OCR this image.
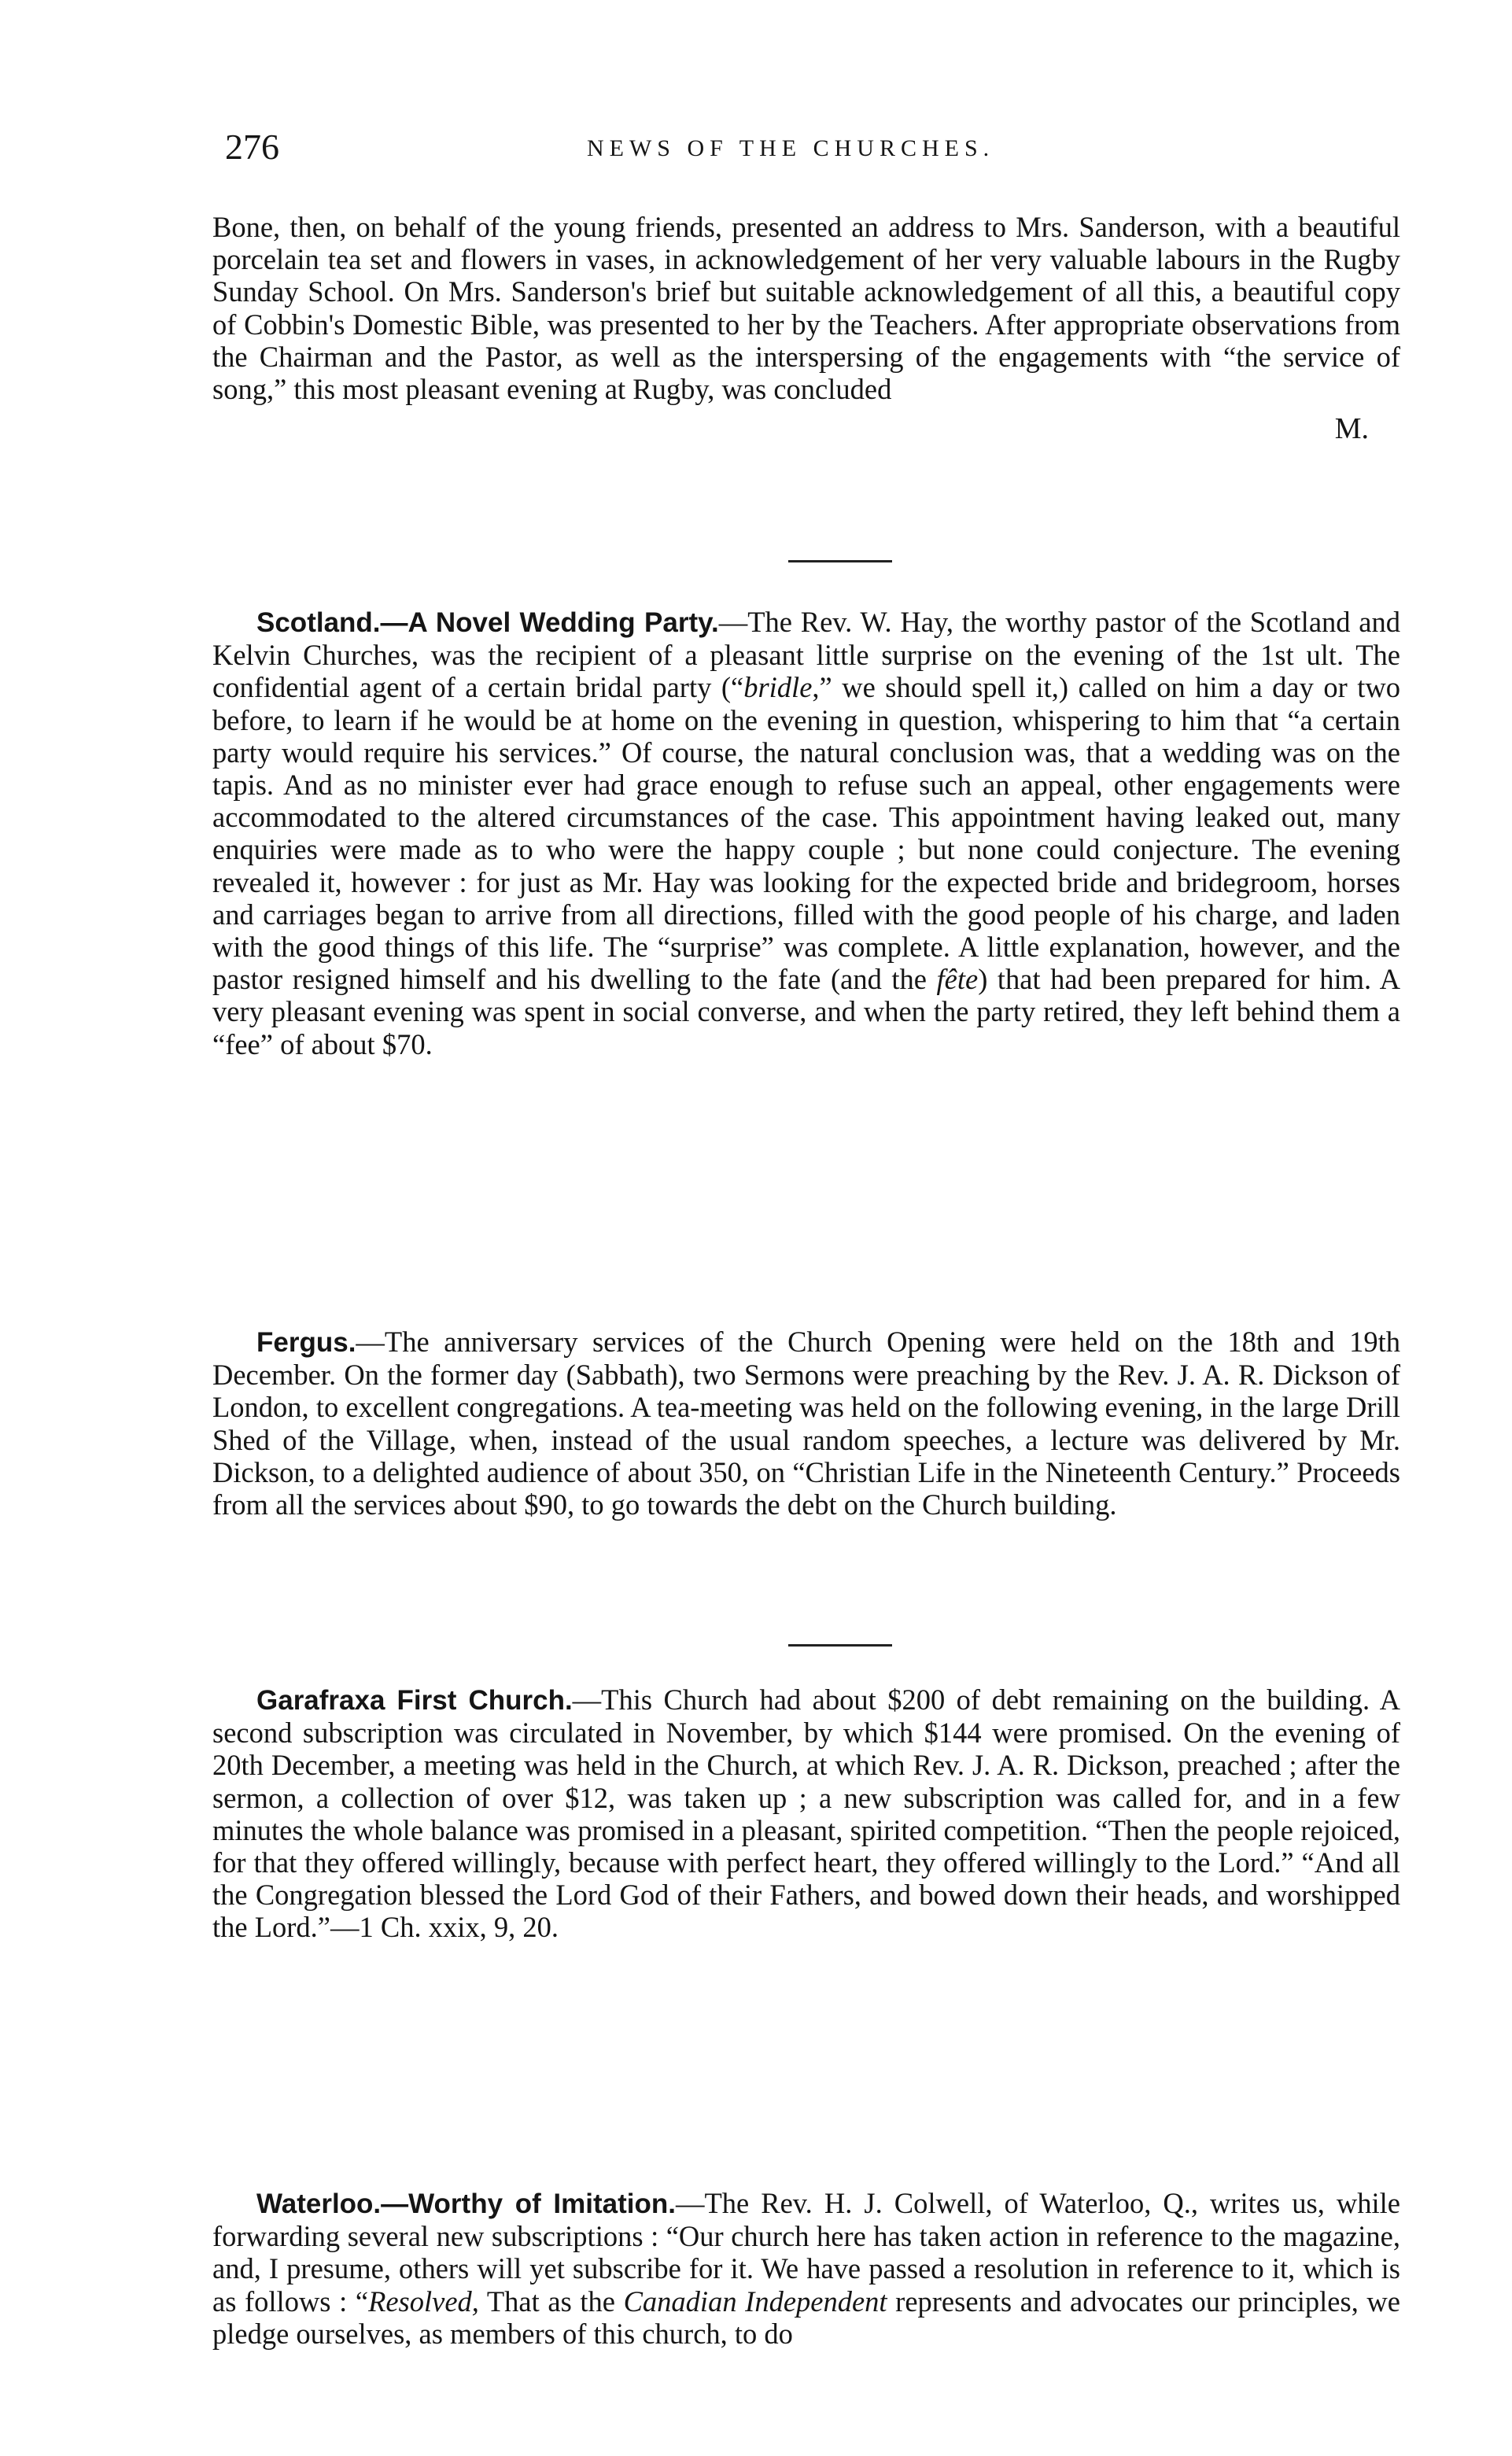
276	NEWS OF THE CHURCHES.

Bone, then, on behalf of the young friends, presented an address to Mrs. Sanderson, with a beautiful porcelain tea set and flowers in vases, in acknowledgement of her very valuable labours in the Rugby Sunday School. On Mrs. Sanderson's brief but suitable acknowledgement of all this, a beautiful copy of Cobbin's Domestic Bible, was presented to her by the Teachers. After appropriate observations from the Chairman and the Pastor, as well as the interspersing of the engagements with “the service of song,” this most pleasant evening at Rugby, was concluded

M.

Scotland.—A Novel Wedding Party.—The Rev. W. Hay, the worthy pastor of the Scotland and Kelvin Churches, was the recipient of a pleasant little surprise on the evening of the 1st ult. The confidential agent of a certain bridal party (“bridle,” we should spell it,) called on him a day or two before, to learn if he would be at home on the evening in question, whispering to him that “a certain party would require his services.” Of course, the natural conclusion was, that a wedding was on the tapis. And as no minister ever had grace enough to refuse such an appeal, other engagements were accommodated to the altered circumstances of the case. This appointment having leaked out, many enquiries were made as to who were the happy couple ; but none could conjecture. The evening revealed it, however : for just as Mr. Hay was looking for the expected bride and bridegroom, horses and carriages began to arrive from all directions, filled with the good people of his charge, and laden with the good things of this life. The “surprise” was complete. A little explanation, however, and the pastor resigned himself and his dwelling to the fate (and the fête) that had been prepared for him. A very pleasant evening was spent in social converse, and when the party retired, they left behind them a “fee” of about $70.

Fergus.—The anniversary services of the Church Opening were held on the 18th and 19th December. On the former day (Sabbath), two Sermons were preaching by the Rev. J. A. R. Dickson of London, to excellent congregations. A tea-meeting was held on the following evening, in the large Drill Shed of the Village, when, instead of the usual random speeches, a lecture was delivered by Mr. Dickson, to a delighted audience of about 350, on “Christian Life in the Nineteenth Century.” Proceeds from all the services about $90, to go towards the debt on the Church building.

Garafraxa First Church.—This Church had about $200 of debt remaining on the building. A second subscription was circulated in November, by which $144 were promised. On the evening of 20th December, a meeting was held in the Church, at which Rev. J. A. R. Dickson, preached ; after the sermon, a collection of over $12, was taken up ; a new subscription was called for, and in a few minutes the whole balance was promised in a pleasant, spirited competition. “Then the people rejoiced, for that they offered willingly, because with perfect heart, they offered willingly to the Lord.” “And all the Congregation blessed the Lord God of their Fathers, and bowed down their heads, and worshipped the Lord.”—1 Ch. xxix, 9, 20.

Waterloo.—Worthy of Imitation.—The Rev. H. J. Colwell, of Waterloo, Q., writes us, while forwarding several new subscriptions : “Our church here has taken action in reference to the magazine, and, I presume, others will yet subscribe for it. We have passed a resolution in reference to it, which is as follows : “Resolved, That as the Canadian Independent represents and advocates our principles, we pledge ourselves, as members of this church, to do
